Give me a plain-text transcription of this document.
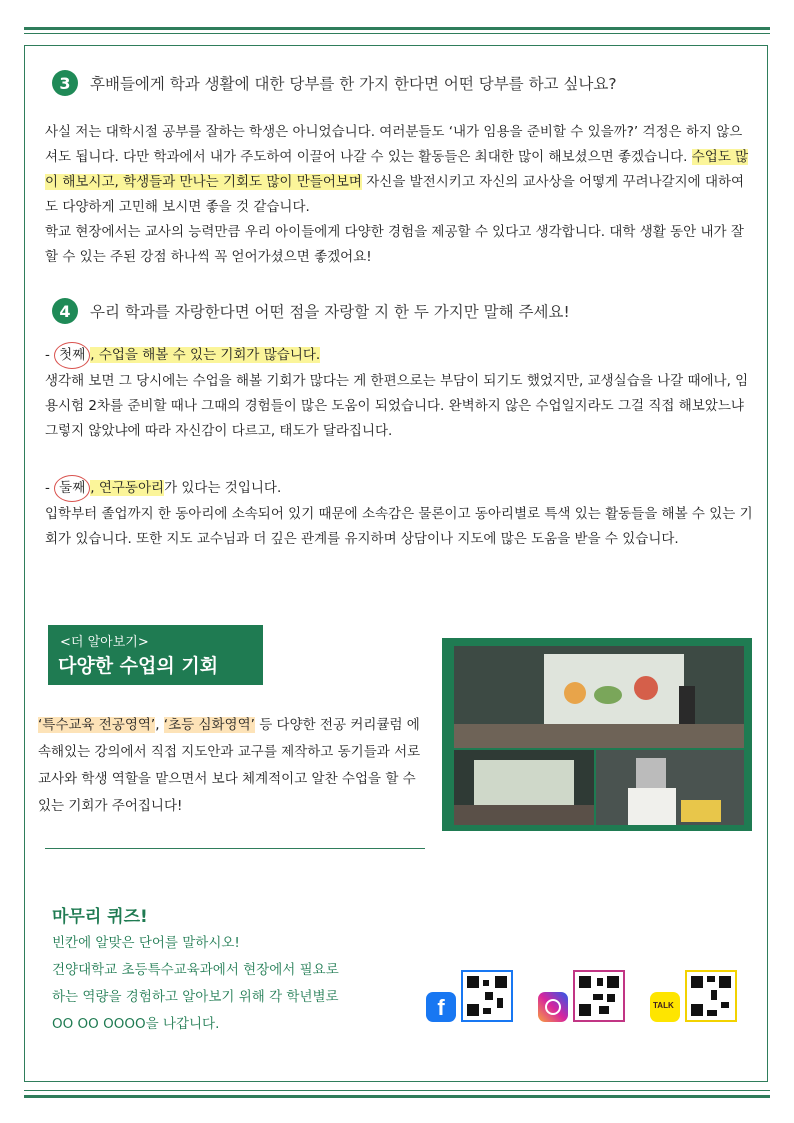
3	후배들에게 학과 생활에 대한 당부를 한 가지 한다면 어떤 당부를 하고 싶나요?

사실 저는 대학시절 공부를 잘하는 학생은 아니었습니다. 여러분들도 ‘내가 임용을 준비할 수 있을까?’ 걱정은 하지 않으셔도 됩니다. 다만 학과에서 내가 주도하여 이끌어 나갈 수 있는 활동들은 최대한 많이 해보셨으면 좋겠습니다. 수업도 많이 해보시고, 학생들과 만나는 기회도 많이 만들어보며 자신을 발전시키고 자신의 교사상을 어떻게 꾸려나갈지에 대하여도 다양하게 고민해 보시면 좋을 것 같습니다.

학교 현장에서는 교사의 능력만큼 우리 아이들에게 다양한 경험을 제공할 수 있다고 생각합니다. 대학 생활 동안 내가 잘할 수 있는 주된 강점 하나씩 꼭 얻어가셨으면 좋겠어요!

4	우리 학과를 자랑한다면 어떤 점을 자랑할 지 한 두 가지만 말해 주세요!

- 첫째 , 수업을 해볼 수 있는 기회가 많습니다.

생각해 보면 그 당시에는 수업을 해볼 기회가 많다는 게 한편으로는 부담이 되기도 했었지만, 교생실습을 나갈 때에나, 임용시험 2차를 준비할 때나 그때의 경험들이 많은 도움이 되었습니다. 완벽하지 않은 수업일지라도 그걸 직접 해보았느냐 그렇지 않았냐에 따라 자신감이 다르고, 태도가 달라집니다.

- 둘째 , 연구동아리가 있다는 것입니다.

입학부터 졸업까지 한 동아리에 소속되어 있기 때문에 소속감은 물론이고 동아리별로 특색 있는 활동들을 해볼 수 있는 기회가 있습니다. 또한 지도 교수님과 더 깊은 관계를 유지하며 상담이나 지도에 많은 도움을 받을 수 있습니다.

<더 알아보기>
다양한 수업의 기회
‘특수교육 전공영역’, ‘초등 심화영역’ 등 다양한 전공 커리큘럼 에 속해있는 강의에서 직접 지도안과 교구를 제작하고 동기들과 서로 교사와 학생 역할을 맡으면서 보다 체계적이고 알찬 수업을 할 수 있는 기회가 주어집니다!
마무리 퀴즈!
빈칸에 알맞은 단어를 말하시오!
건양대학교 초등특수교육과에서 현장에서 필요로
하는 역량을 경험하고 알아보기 위해 각 학년별로
OO OO OOOO을 나갑니다.
f	TALK
